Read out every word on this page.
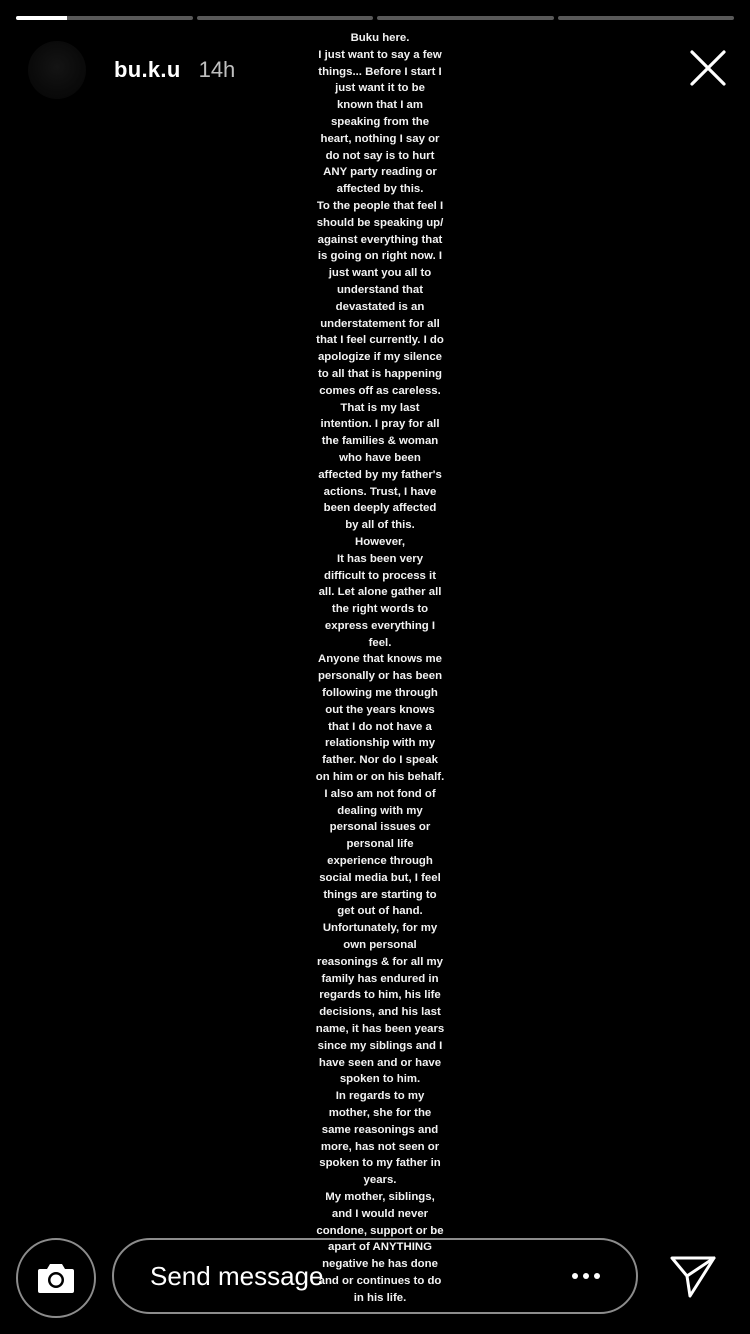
Buku here.
I just want to say a few
things... Before I start I
just want it to be
known that I am
speaking from the
heart, nothing I say or
do not say is to hurt
ANY party reading or
affected by this.
To the people that feel I
should be speaking up/
against everything that
is going on right now. I
just want you all to
understand that
devastated is an
understatement for all
that I feel currently. I do
apologize if my silence
to all that is happening
comes off as careless.
That is my last
intention. I pray for all
the families & woman
who have been
affected by my father's
actions. Trust, I have
been deeply affected
by all of this.
However,
It has been very
difficult to process it
all. Let alone gather all
the right words to
express everything I
feel.
Anyone that knows me
personally or has been
following me through
out the years knows
that I do not have a
relationship with my
father. Nor do I speak
on him or on his behalf.
I also am not fond of
dealing with my
personal issues or
personal life
experience through
social media but, I feel
things are starting to
get out of hand.
Unfortunately, for my
own personal
reasonings & for all my
family has endured in
regards to him, his life
decisions, and his last
name, it has been years
since my siblings and I
have seen and or have
spoken to him.
In regards to my
mother, she for the
same reasonings and
more, has not seen or
spoken to my father in
years.
My mother, siblings,
and I would never
condone, support or be
apart of ANYTHING
negative he has done
and or continues to do
in his life.

bu.k.u 14h
Send message
